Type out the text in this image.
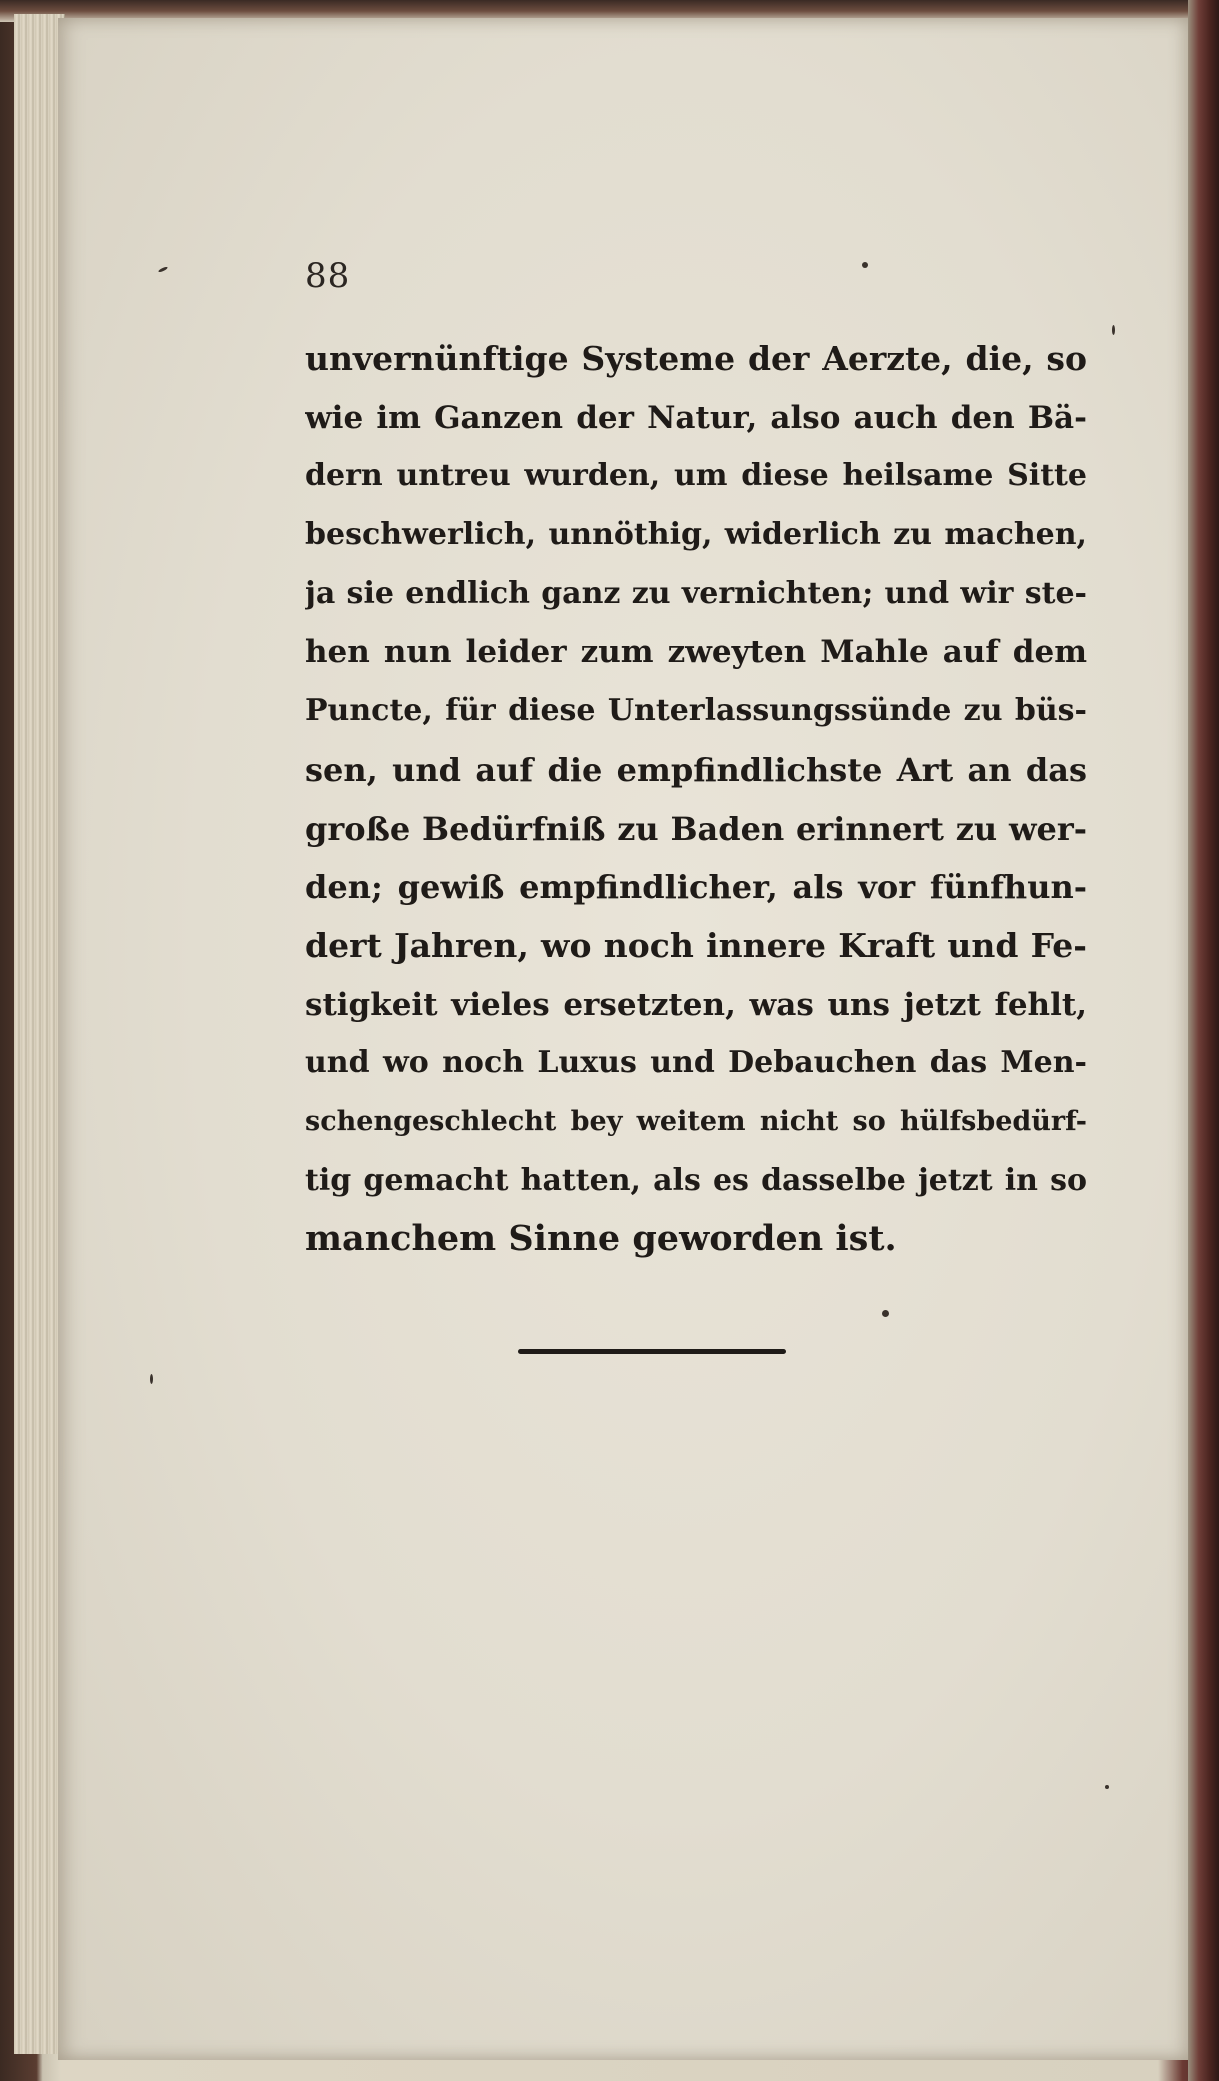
88
unvernünftige Systeme der Aerzte, die, so
wie im Ganzen der Natur, also auch den Bä-
dern untreu wurden, um diese heilsame Sitte
beschwerlich, unnöthig, widerlich zu machen,
ja sie endlich ganz zu vernichten; und wir ste-
hen nun leider zum zweyten Mahle auf dem
Puncte, für diese Unterlassungssünde zu büs-
sen, und auf die empfindlichste Art an das
große Bedürfniß zu Baden erinnert zu wer-
den; gewiß empfindlicher, als vor fünfhun-
dert Jahren, wo noch innere Kraft und Fe-
stigkeit vieles ersetzten, was uns jetzt fehlt,
und wo noch Luxus und Debauchen das Men-
schengeschlecht bey weitem nicht so hülfsbedürf-
tig gemacht hatten, als es dasselbe jetzt in so
manchem Sinne geworden ist.
